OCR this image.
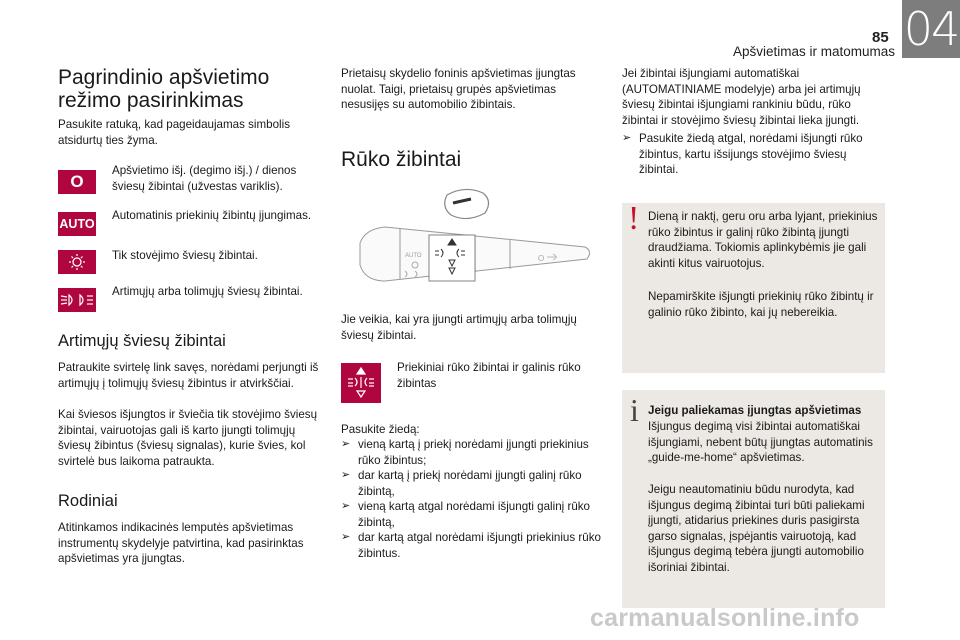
85
Apšvietimas ir matomumas 04
Pagrindinio apšvietimo režimo pasirinkimas
Pasukite ratuką, kad pageidaujamas simbolis atsidurtų ties žyma.
O
Apšvietimo išj. (degimo išj.) / dienos šviesų žibintai (užvestas variklis).
AUTO
Automatinis priekinių žibintų įjungimas.
Tik stovėjimo šviesų žibintai.
Artimųjų arba tolimųjų šviesų žibintai.
Artimųjų šviesų žibintai
Patraukite svirtelę link savęs, norėdami perjungti iš artimųjų į tolimųjų šviesų žibintus ir atvirkščiai.
Kai šviesos išjungtos ir šviečia tik stovėjimo šviesų žibintai, vairuotojas gali iš karto įjungti tolimųjų šviesų žibintus (šviesų signalas), kurie švies, kol svirtelė bus laikoma patraukta.
Rodiniai
Atitinkamos indikacinės lemputės apšvietimas instrumentų skydelyje patvirtina, kad pasirinktas apšvietimas yra įjungtas.
Prietaisų skydelio foninis apšvietimas įjungtas nuolat. Taigi, prietaisų grupės apšvietimas nesusijęs su automobilio žibintais.
Rūko žibintai
AUTO	O
Jie veikia, kai yra įjungti artimųjų arba tolimųjų šviesų žibintai.
Priekiniai rūko žibintai ir galinis rūko žibintas
Pasukite žiedą:
➢ vieną kartą į priekį norėdami įjungti priekinius rūko žibintus;
➢ dar kartą į priekį norėdami įjungti galinį rūko žibintą,
➢ vieną kartą atgal norėdami išjungti galinį rūko žibintą,
➢ dar kartą atgal norėdami išjungti priekinius rūko žibintus.
Jei žibintai išjungiami automatiškai (AUTOMATINIAME modelyje) arba jei artimųjų šviesų žibintai išjungiami rankiniu būdu, rūko žibintai ir stovėjimo šviesų žibintai lieka įjungti.
➢ Pasukite žiedą atgal, norėdami išjungti rūko žibintus, kartu išsijungs stovėjimo šviesų žibintai.
! Dieną ir naktį, geru oru arba lyjant, priekinius rūko žibintus ir galinį rūko žibintą įjungti draudžiama. Tokiomis aplinkybėmis jie gali akinti kitus vairuotojus.
Nepamirškite išjungti priekinių rūko žibintų ir galinio rūko žibinto, kai jų nebereikia.
i Jeigu paliekamas įjungtas apšvietimas
Išjungus degimą visi žibintai automatiškai išjungiami, nebent būtų įjungtas automatinis „guide-me-home“ apšvietimas.
Jeigu neautomatiniu būdu nurodyta, kad išjungus degimą žibintai turi būti paliekami įjungti, atidarius priekines duris pasigirsta garso signalas, įspėjantis vairuotoją, kad išjungus degimą tebėra įjungti automobilio išoriniai žibintai.
carmanualsonline.info
